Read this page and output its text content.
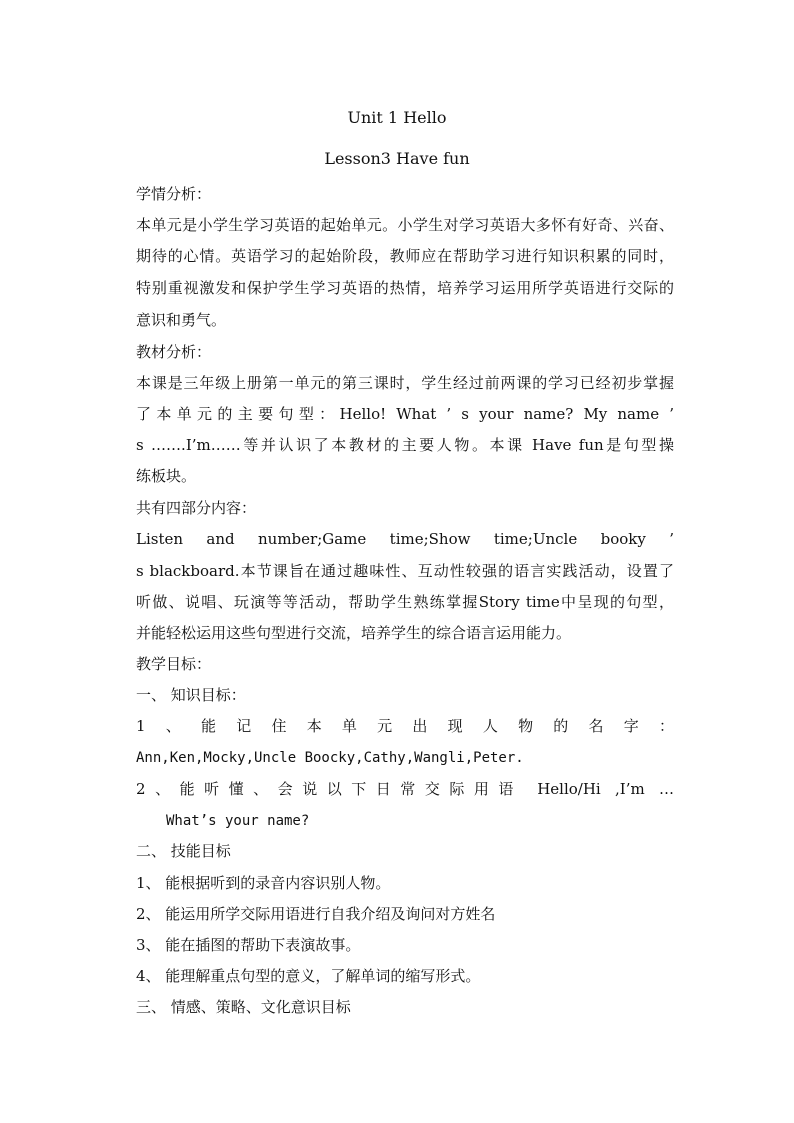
Unit 1 Hello
Lesson3 Have fun
学情分析：
本单元是小学生学习英语的起始单元。小学生对学习英语大多怀有好奇、兴奋、
期待的心情。英语学习的起始阶段，教师应在帮助学习进行知识积累的同时，
特别重视激发和保护学生学习英语的热情，培养学习运用所学英语进行交际的
意识和勇气。
教材分析：
本课是三年级上册第一单元的第三课时，学生经过前两课的学习已经初步掌握
了本单元的主要句型：Hello! What ’ s your name? My name ’
s …….I’m……等并认识了本教材的主要人物。本课 Have fun是句型操
练板块。
共有四部分内容：
Listen and number;Game time;Show time;Uncle booky ’
s blackboard.本节课旨在通过趣味性、互动性较强的语言实践活动，设置了
听做、说唱、玩演等等活动，帮助学生熟练掌握Story time中呈现的句型，
并能轻松运用这些句型进行交流，培养学生的综合语言运用能力。
教学目标：
一、 知识目标：
1、能记住本单元出现人物的名字：
Ann,Ken,Mocky,Uncle Boocky,Cathy,Wangli,Peter.
2、能听懂、会说以下日常交际用语 Hello/Hi ,I’m …
What’s your name?
二、 技能目标
1、 能根据听到的录音内容识别人物。
2、 能运用所学交际用语进行自我介绍及询问对方姓名
3、 能在插图的帮助下表演故事。
4、 能理解重点句型的意义，了解单词的缩写形式。
三、 情感、策略、文化意识目标
